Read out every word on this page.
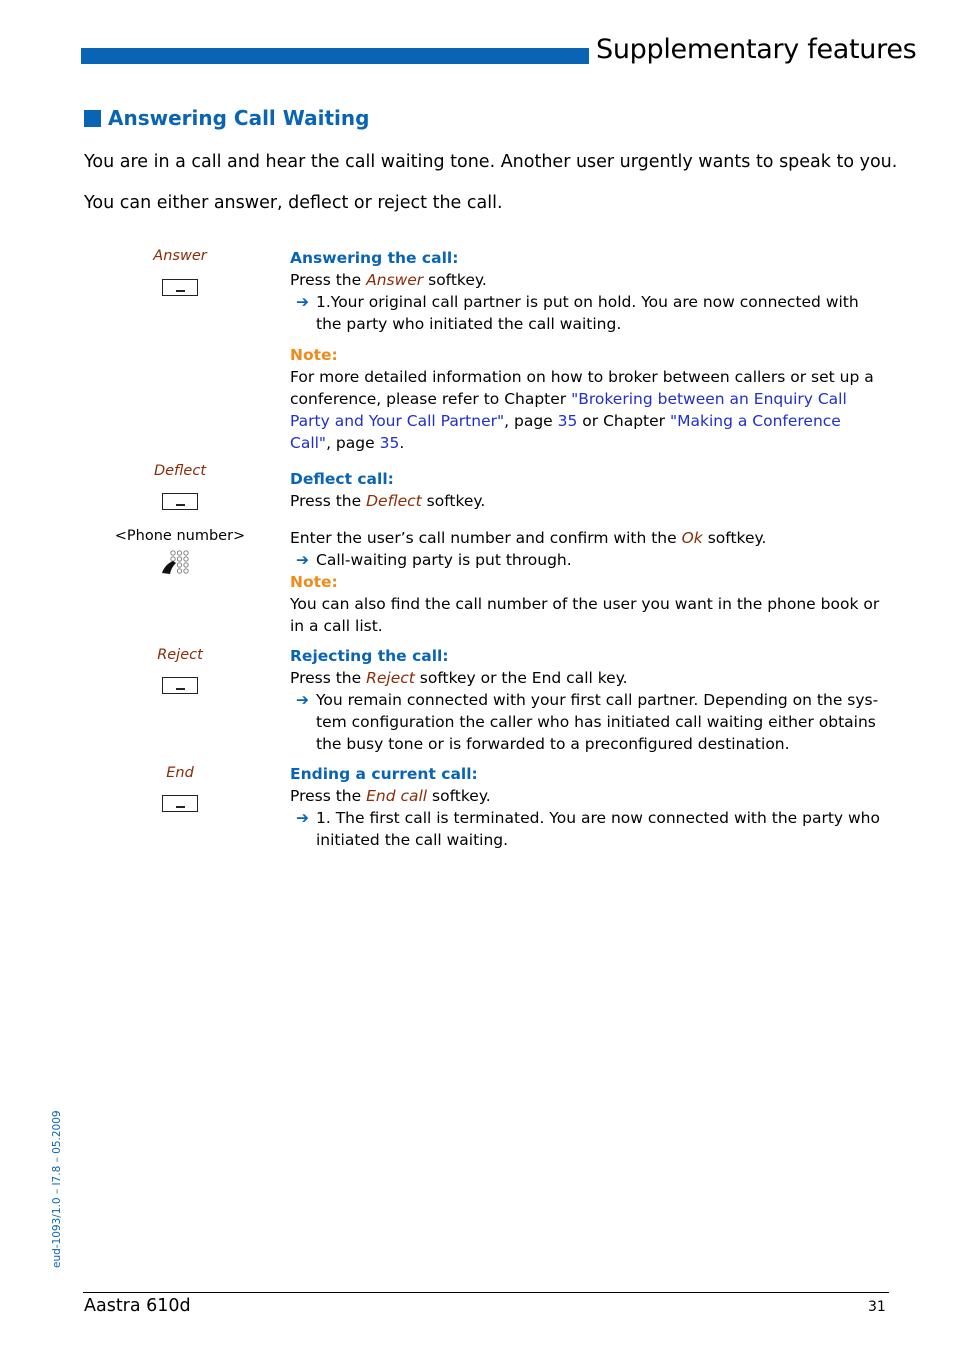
Supplementary features
Answering Call Waiting
You are in a call and hear the call waiting tone. Another user urgently wants to speak to you.
You can either answer, deflect or reject the call.
Answer	Answering the call:
Press the Answer softkey.
➔ 1.Your original call partner is put on hold. You are now connected with the party who initiated the call waiting.
Note:
For more detailed information on how to broker between callers or set up a conference, please refer to Chapter "Brokering between an Enquiry Call Party and Your Call Partner", page 35 or Chapter "Making a Conference Call", page 35.
Deflect	Deflect call:
Press the Deflect softkey.
<Phone number>	Enter the user’s call number and confirm with the Ok softkey.
➔ Call-waiting party is put through.
Note:
You can also find the call number of the user you want in the phone book or in a call list.
Reject	Rejecting the call:
Press the Reject softkey or the End call key.
➔ You remain connected with your first call partner. Depending on the sys-tem configuration the caller who has initiated call waiting either obtains the busy tone or is forwarded to a preconfigured destination.
End	Ending a current call:
Press the End call softkey.
➔ 1. The first call is terminated. You are now connected with the party who initiated the call waiting.
eud-1093/1.0 – I7.8 – 05.2009
Aastra 610d	31
